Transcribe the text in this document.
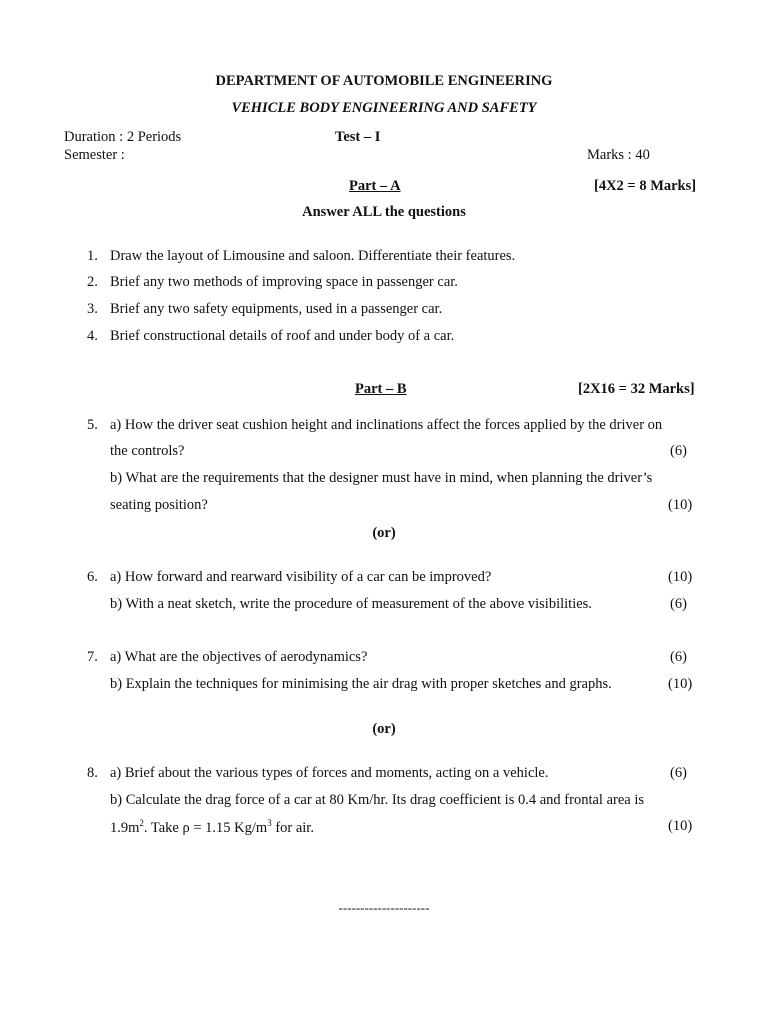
DEPARTMENT OF AUTOMOBILE ENGINEERING
VEHICLE BODY ENGINEERING AND SAFETY
Duration : 2 Periods	Test – I
Semester :	Marks : 40
Part – A	[4X2 = 8 Marks]
Answer ALL the questions
1. Draw the layout of Limousine and saloon. Differentiate their features.
2. Brief any two methods of improving space in passenger car.
3. Brief any two safety equipments, used in a passenger car.
4. Brief constructional details of roof and under body of a car.
Part – B	[2X16 = 32 Marks]
5. a) How the driver seat cushion height and inclinations affect the forces applied by the driver on
the controls?	(6)
b) What are the requirements that the designer must have in mind, when planning the driver’s
seating position?	(10)
(or)
6. a) How forward and rearward visibility of a car can be improved?	(10)
b) With a neat sketch, write the procedure of measurement of the above visibilities.	(6)
7. a) What are the objectives of aerodynamics?	(6)
b) Explain the techniques for minimising the air drag with proper sketches and graphs.	(10)
(or)
8. a) Brief about the various types of forces and moments, acting on a vehicle.	(6)
b) Calculate the drag force of a car at 80 Km/hr. Its drag coefficient is 0.4 and frontal area is
$1.9m^2$. Take ρ = 1.15 $Kg/m^3$ for air.	(10)
---------------------
